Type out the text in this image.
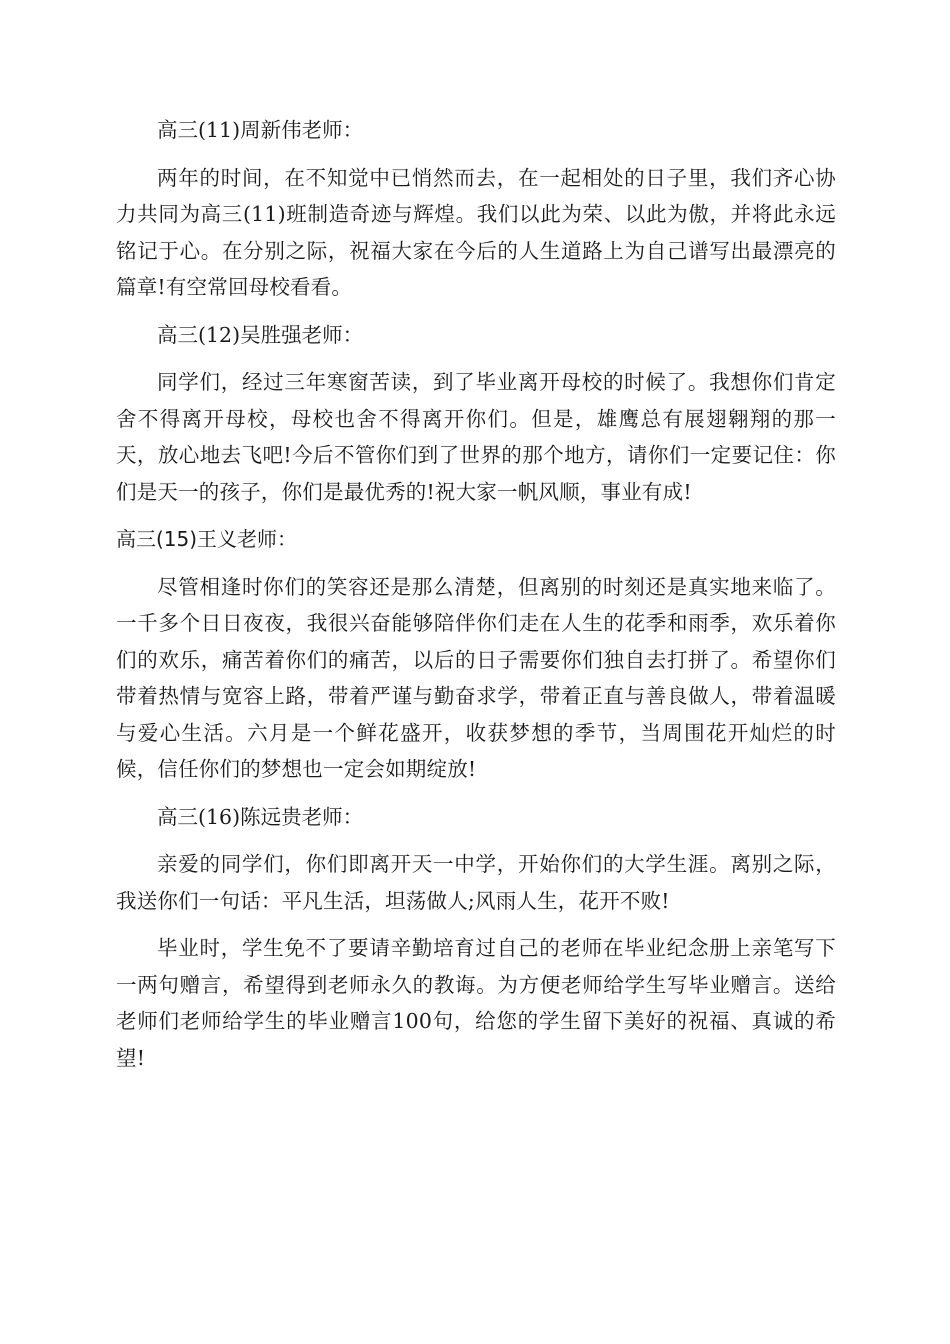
高三(11)周新伟老师：

两年的时间，在不知觉中已悄然而去，在一起相处的日子里，我们齐心协力共同为高三(11)班制造奇迹与辉煌。我们以此为荣、以此为傲，并将此永远铭记于心。在分别之际，祝福大家在今后的人生道路上为自己谱写出最漂亮的篇章!有空常回母校看看。

高三(12)吴胜强老师：

同学们，经过三年寒窗苦读，到了毕业离开母校的时候了。我想你们肯定舍不得离开母校，母校也舍不得离开你们。但是，雄鹰总有展翅翱翔的那一天，放心地去飞吧!今后不管你们到了世界的那个地方，请你们一定要记住：你们是天一的孩子，你们是最优秀的!祝大家一帆风顺，事业有成!

高三(15)王义老师：

尽管相逢时你们的笑容还是那么清楚，但离别的时刻还是真实地来临了。一千多个日日夜夜，我很兴奋能够陪伴你们走在人生的花季和雨季，欢乐着你们的欢乐，痛苦着你们的痛苦，以后的日子需要你们独自去打拼了。希望你们带着热情与宽容上路，带着严谨与勤奋求学，带着正直与善良做人，带着温暖与爱心生活。六月是一个鲜花盛开，收获梦想的季节，当周围花开灿烂的时候，信任你们的梦想也一定会如期绽放!

高三(16)陈远贵老师：

亲爱的同学们，你们即离开天一中学，开始你们的大学生涯。离别之际，我送你们一句话：平凡生活，坦荡做人;风雨人生，花开不败!

毕业时，学生免不了要请辛勤培育过自己的老师在毕业纪念册上亲笔写下一两句赠言，希望得到老师永久的教诲。为方便老师给学生写毕业赠言。送给老师们老师给学生的毕业赠言100句，给您的学生留下美好的祝福、真诚的希望!
